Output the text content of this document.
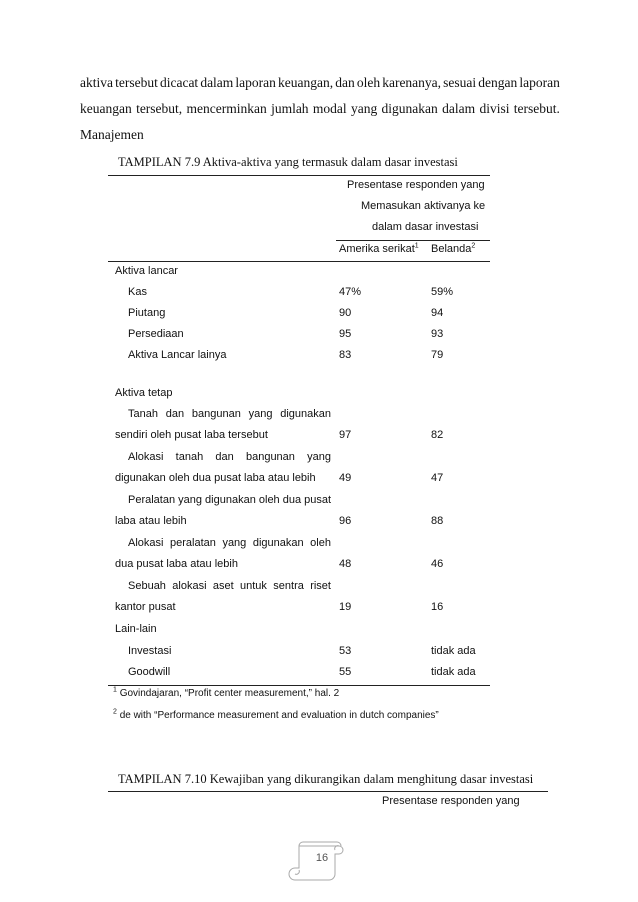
aktiva tersebut dicacat dalam laporan keuangan, dan oleh karenanya, sesuai dengan laporan
keuangan tersebut, mencerminkan jumlah modal yang digunakan dalam divisi tersebut.
Manajemen
TAMPILAN 7.9 Aktiva-aktiva yang termasuk dalam dasar investasi
Presentase responden yang
Memasukan aktivanya ke
dalam dasar investasi
Amerika serikat$^1$ Belanda$^2$
Aktiva lancar
Kas	47%	59%
Piutang	90	94
Persediaan	95	93
Aktiva Lancar lainya	83	79
Aktiva tetap
Tanah dan bangunan yang digunakan
sendiri oleh pusat laba tersebut	97	82
Alokasi tanah dan bangunan yang
digunakan oleh dua pusat laba atau lebih 49	47
Peralatan yang digunakan oleh dua pusat
laba atau lebih	96	88
Alokasi peralatan yang digunakan oleh
dua pusat laba atau lebih	48	46
Sebuah alokasi aset untuk sentra riset
kantor pusat	19	16
Lain-lain
Investasi	53	tidak ada
Goodwill	55	tidak ada
$^1$ Govindajaran, “Profit center measurement,” hal. 2
$^2$ de with “Performance measurement and evaluation in dutch companies”
TAMPILAN 7.10 Kewajiban yang dikurangikan dalam menghitung dasar investasi
Presentase responden yang
16
